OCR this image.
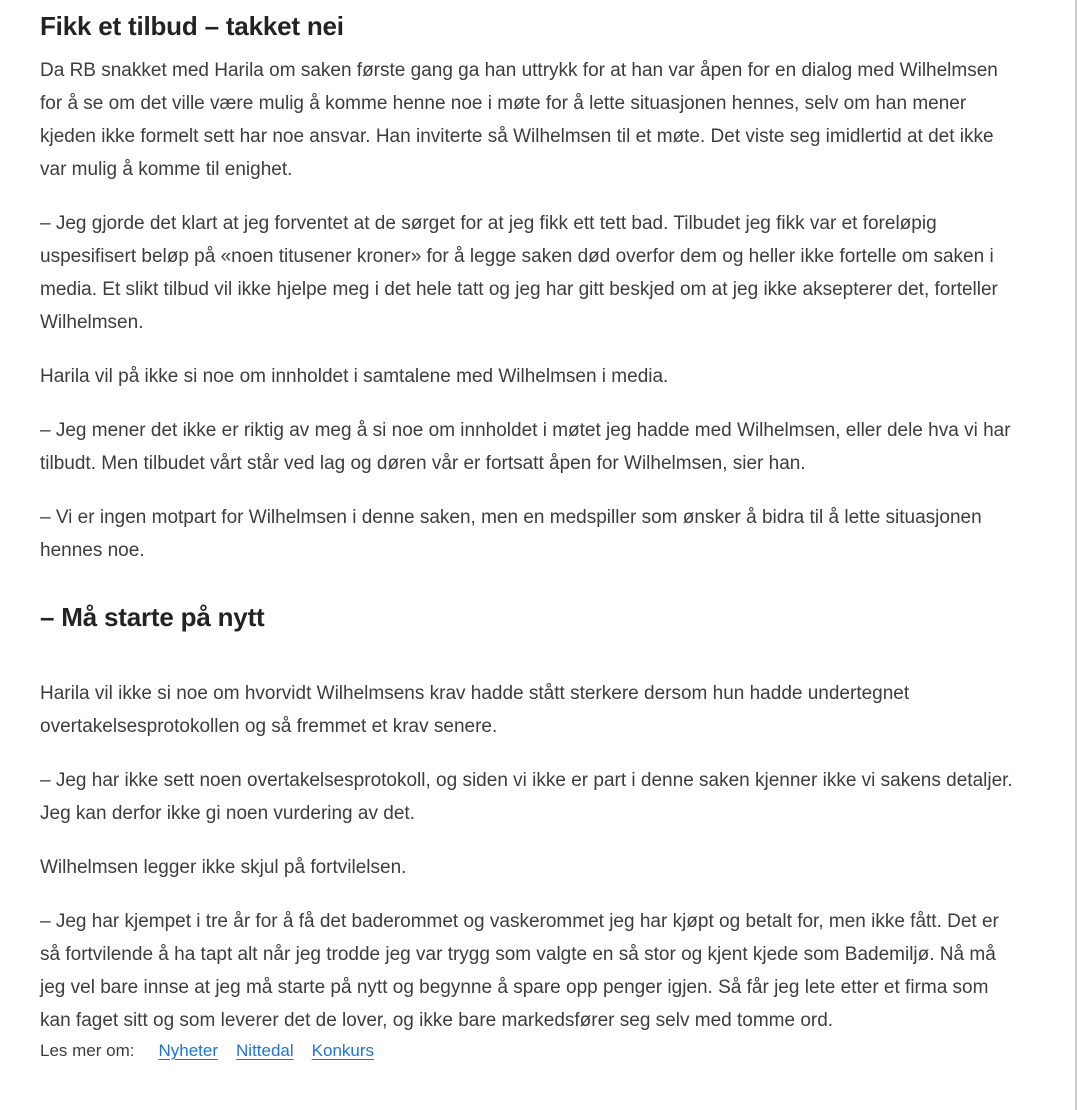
Fikk et tilbud – takket nei

Da RB snakket med Harila om saken første gang ga han uttrykk for at han var åpen for en dialog med Wilhelmsen for å se om det ville være mulig å komme henne noe i møte for å lette situasjonen hennes, selv om han mener kjeden ikke formelt sett har noe ansvar. Han inviterte så Wilhelmsen til et møte. Det viste seg imidlertid at det ikke var mulig å komme til enighet.

– Jeg gjorde det klart at jeg forventet at de sørget for at jeg fikk ett tett bad. Tilbudet jeg fikk var et foreløpig uspesifisert beløp på «noen titusener kroner» for å legge saken død overfor dem og heller ikke fortelle om saken i media. Et slikt tilbud vil ikke hjelpe meg i det hele tatt og jeg har gitt beskjed om at jeg ikke aksepterer det, forteller Wilhelmsen.

Harila vil på ikke si noe om innholdet i samtalene med Wilhelmsen i media.

– Jeg mener det ikke er riktig av meg å si noe om innholdet i møtet jeg hadde med Wilhelmsen, eller dele hva vi har tilbudt. Men tilbudet vårt står ved lag og døren vår er fortsatt åpen for Wilhelmsen, sier han.

– Vi er ingen motpart for Wilhelmsen i denne saken, men en medspiller som ønsker å bidra til å lette situasjonen hennes noe.

– Må starte på nytt

Harila vil ikke si noe om hvorvidt Wilhelmsens krav hadde stått sterkere dersom hun hadde undertegnet overtakelsesprotokollen og så fremmet et krav senere.

– Jeg har ikke sett noen overtakelsesprotokoll, og siden vi ikke er part i denne saken kjenner ikke vi sakens detaljer. Jeg kan derfor ikke gi noen vurdering av det.

Wilhelmsen legger ikke skjul på fortvilelsen.

– Jeg har kjempet i tre år for å få det baderommet og vaskerommet jeg har kjøpt og betalt for, men ikke fått. Det er så fortvilende å ha tapt alt når jeg trodde jeg var trygg som valgte en så stor og kjent kjede som Bademiljø. Nå må jeg vel bare innse at jeg må starte på nytt og begynne å spare opp penger igjen. Så får jeg lete etter et firma som kan faget sitt og som leverer det de lover, og ikke bare markedsfører seg selv med tomme ord.

Les mer om: Nyheter Nittedal Konkurs
